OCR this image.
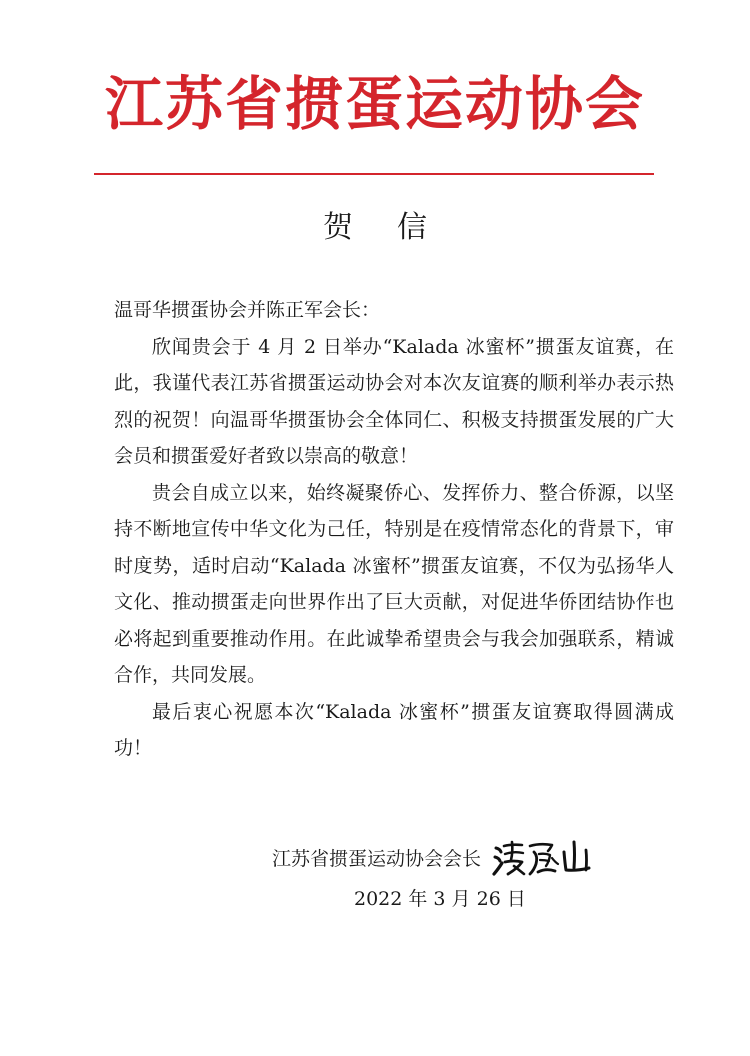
江苏省掼蛋运动协会
贺信

温哥华掼蛋协会并陈正军会长：

欣闻贵会于 4 月 2 日举办“Kalada 冰蜜杯”掼蛋友谊赛，在此，我谨代表江苏省掼蛋运动协会对本次友谊赛的顺利举办表示热烈的祝贺！向温哥华掼蛋协会全体同仁、积极支持掼蛋发展的广大会员和掼蛋爱好者致以崇高的敬意！

贵会自成立以来，始终凝聚侨心、发挥侨力、整合侨源，以坚持不断地宣传中华文化为己任，特别是在疫情常态化的背景下，审时度势，适时启动“Kalada 冰蜜杯”掼蛋友谊赛，不仅为弘扬华人文化、推动掼蛋走向世界作出了巨大贡献，对促进华侨团结协作也必将起到重要推动作用。在此诚挚希望贵会与我会加强联系，精诚合作，共同发展。

最后衷心祝愿本次“Kalada 冰蜜杯”掼蛋友谊赛取得圆满成功！

江苏省掼蛋运动协会会长
2022 年 3 月 26 日
